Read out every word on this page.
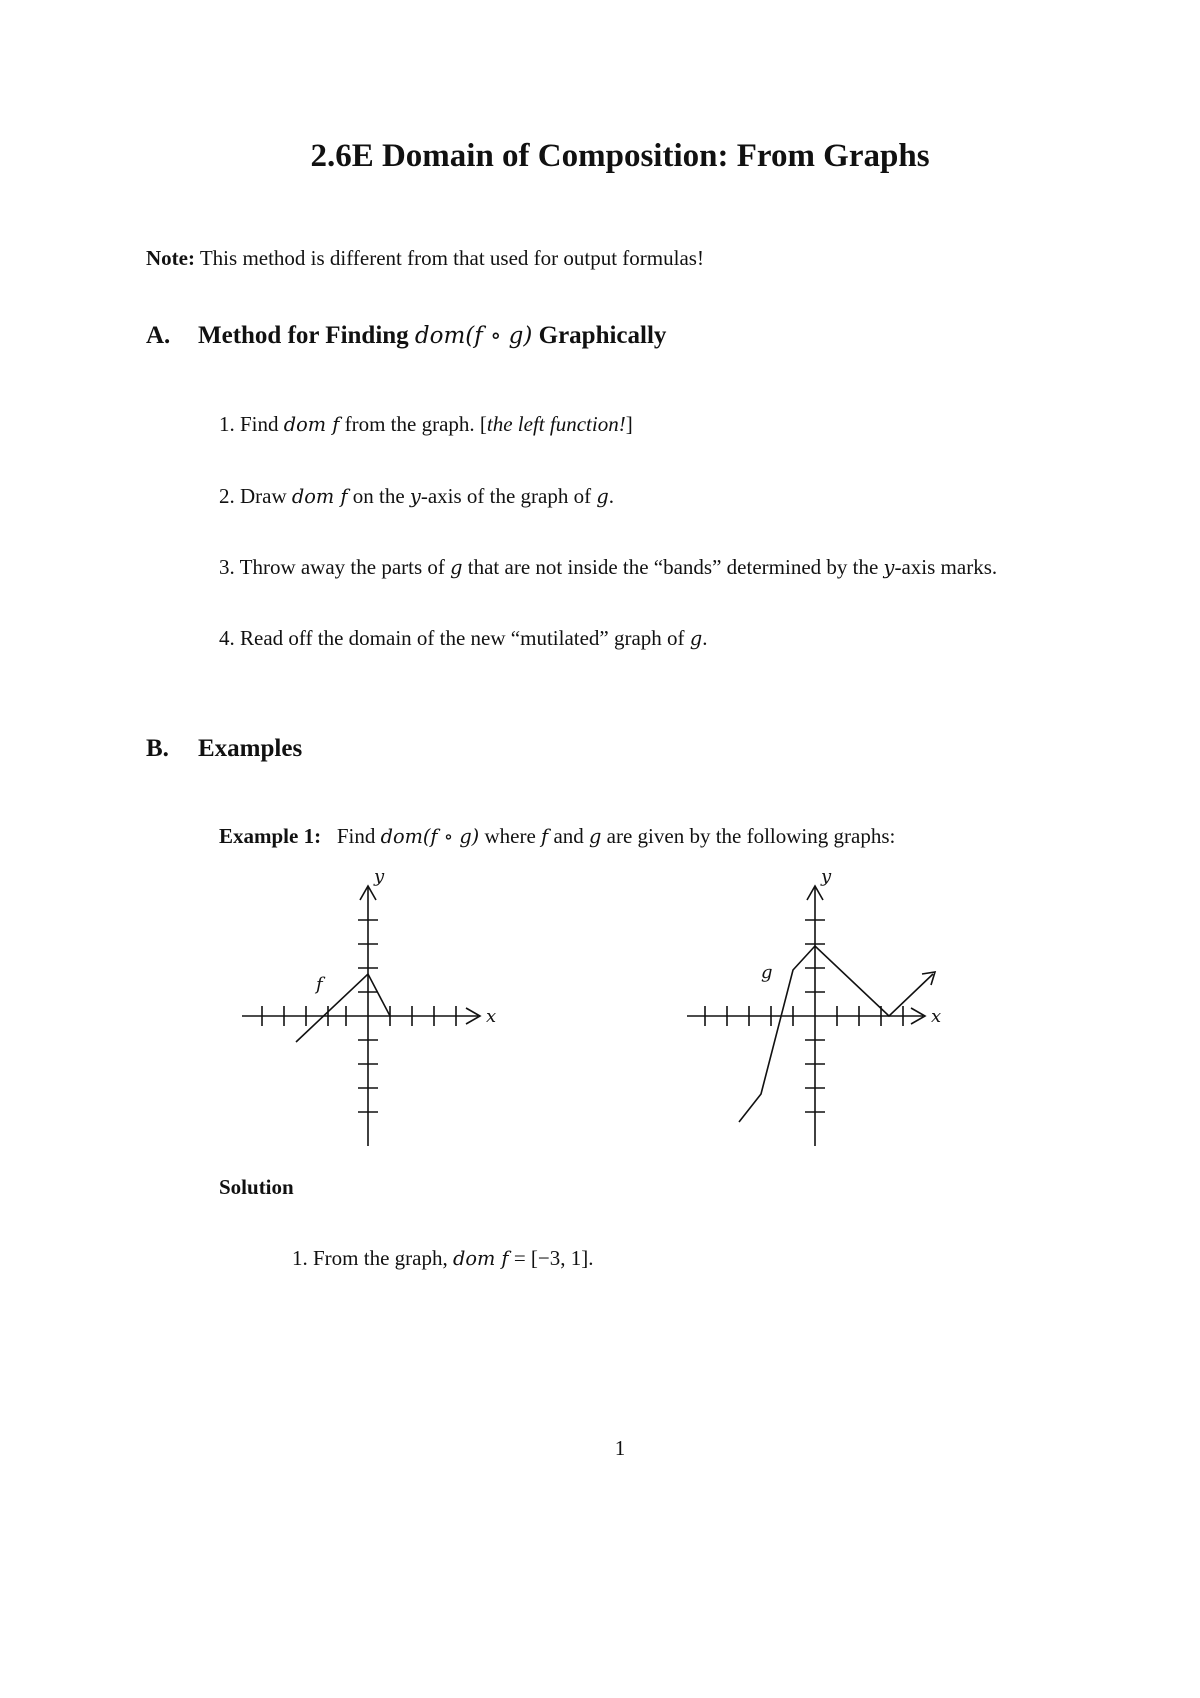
2.6E Domain of Composition: From Graphs
Note: This method is different from that used for output formulas!
A. Method for Finding dom(f ∘ g) Graphically
1. Find dom f from the graph. [the left function!]
2. Draw dom f on the y-axis of the graph of g.
3. Throw away the parts of g that are not inside the “bands” determined by the y-axis marks.
4. Read off the domain of the new “mutilated” graph of g.
B. Examples
Example 1:   Find dom(f ∘ g) where f and g are given by the following graphs:
x
y
f
x
y
g
Solution
1. From the graph, dom f = [−3, 1].
1
